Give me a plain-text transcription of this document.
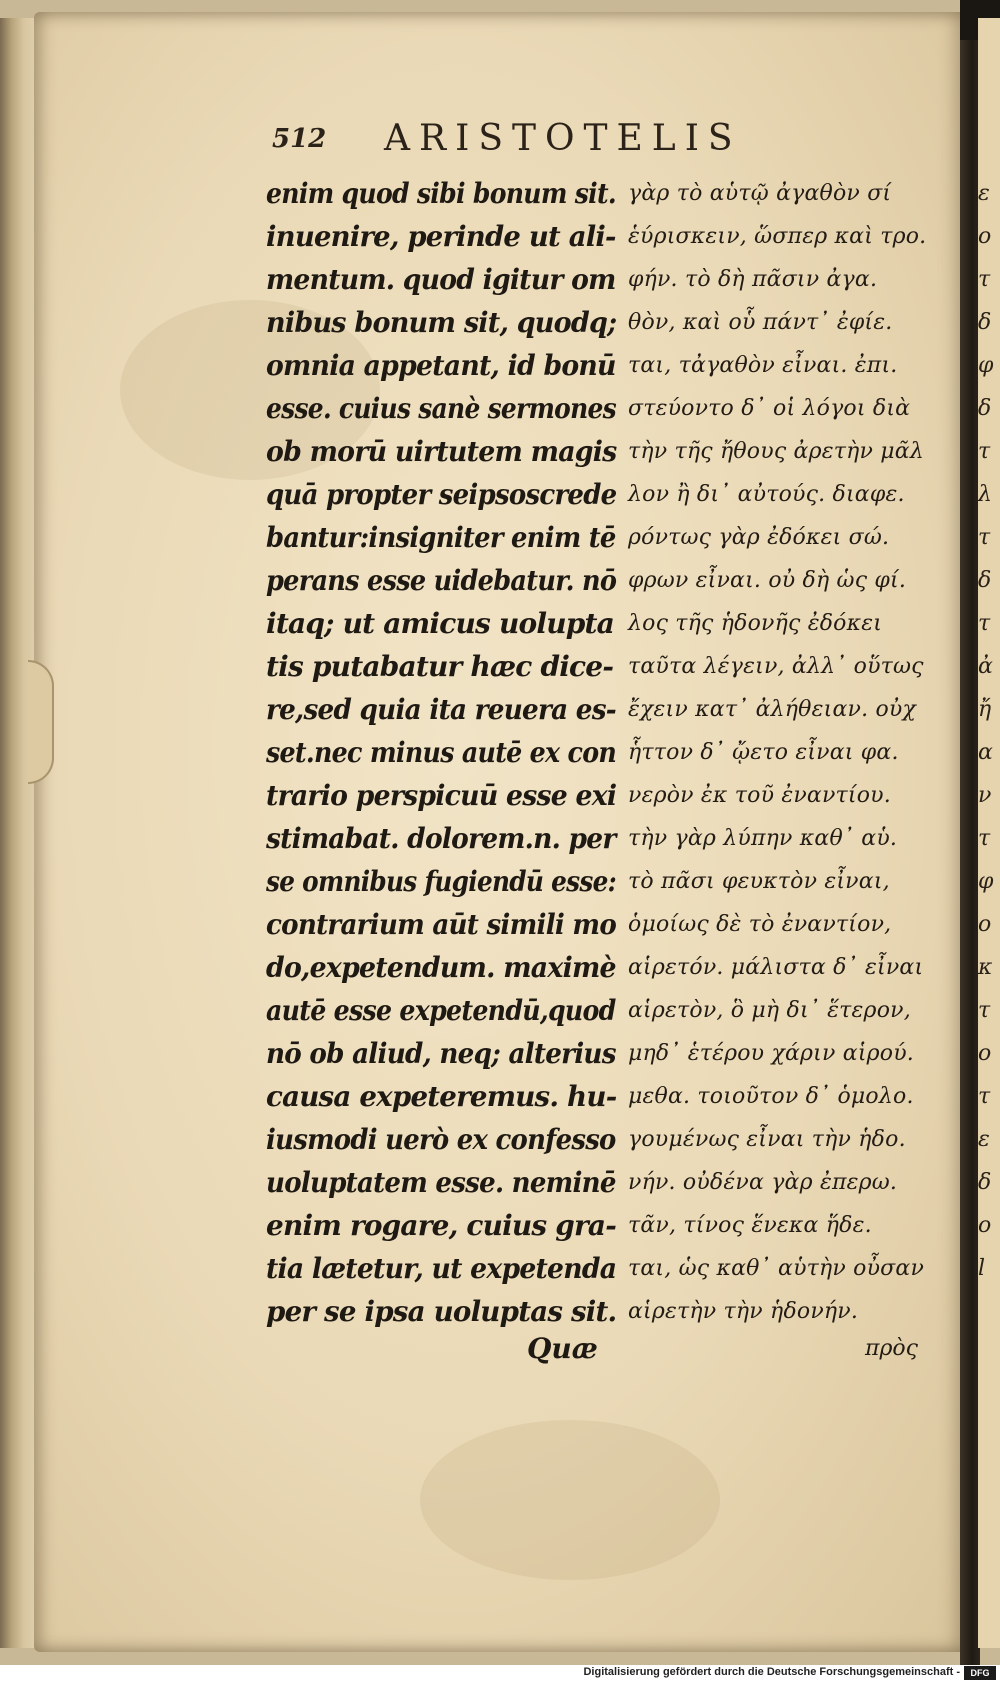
512 ARISTOTELIS
enim quod sibi bonum sit.
inuenire, perinde ut ali-
mentum. quod igitur om
nibus bonum sit, quodq;
omnia appetant, id bonū
esse. cuius sanè sermones
ob morū uirtutem magis
quā propter seipsoscrede
bantur:insigniter enim tē
perans esse uidebatur. nō
itaq; ut amicus uolupta
tis putabatur hæc dice-
re,sed quia ita reuera es-
set.nec minus autē ex con
trario perspicuū esse exi
stimabat. dolorem.n. per
se omnibus fugiendū esse:
contrarium aūt simili mo
do,expetendum. maximè
autē esse expetendū,quod
nō ob aliud, neq; alterius
causa expeteremus. hu-
iusmodi uerò ex confesso
uoluptatem esse. neminē
enim rogare, cuius gra-
tia lætetur, ut expetenda
per se ipsa uoluptas sit.
γὰρ τὸ αὑτῷ ἀγαθὸν σί
ἑύρισκειν, ὥσπερ καὶ τρο.
φήν. τὸ δὴ πᾶσιν ἀγα.
θὸν, καὶ οὗ πάντ᾽ ἐφίε.
ται, τἀγαθὸν εἶναι. ἐπι.
στεύοντο δ᾽ οἱ λόγοι διὰ
τὴν τῆς ἤθους ἀρετὴν μᾶλ
λον ἢ δι᾽ αὐτούς. διαφε.
ρόντως γὰρ ἐδόκει σώ.
φρων εἶναι. οὐ δὴ ὡς φί.
λος τῆς ἡδονῆς ἐδόκει
ταῦτα λέγειν, ἀλλ᾽ οὕτως
ἔχειν κατ᾽ ἀλήθειαν. οὐχ
ἧττον δ᾽ ᾤετο εἶναι φα.
νερὸν ἐκ τοῦ ἐναντίου.
τὴν γὰρ λύπην καθ᾽ αὑ.
τὸ πᾶσι φευκτὸν εἶναι,
ὁμοίως δὲ τὸ ἐναντίον,
αἱρετόν. μάλιστα δ᾽ εἶναι
αἱρετὸν, ὃ μὴ δι᾽ ἕτερον,
μηδ᾽ ἑτέρου χάριν αἱρού.
μεθα. τοιοῦτον δ᾽ ὁμολο.
γουμένως εἶναι τὴν ἡδο.
νήν. οὐδένα γὰρ ἐπερω.
τᾶν, τίνος ἕνεκα ἥδε.
ται, ὡς καθ᾽ αὑτὴν οὖσαν
αἱρετὴν τὴν ἡδονήν.
Quæ	πρὸς
ε
ο
τ
δ
φ
δ
τ
λ
τ
δ
τ
ἀ
ἤ
α
ν
τ
φ
ο
κ
τ
ο
τ
ε
δ
ο
l
Digitalisierung gefördert durch die Deutsche Forschungsgemeinschaft -	DFG
